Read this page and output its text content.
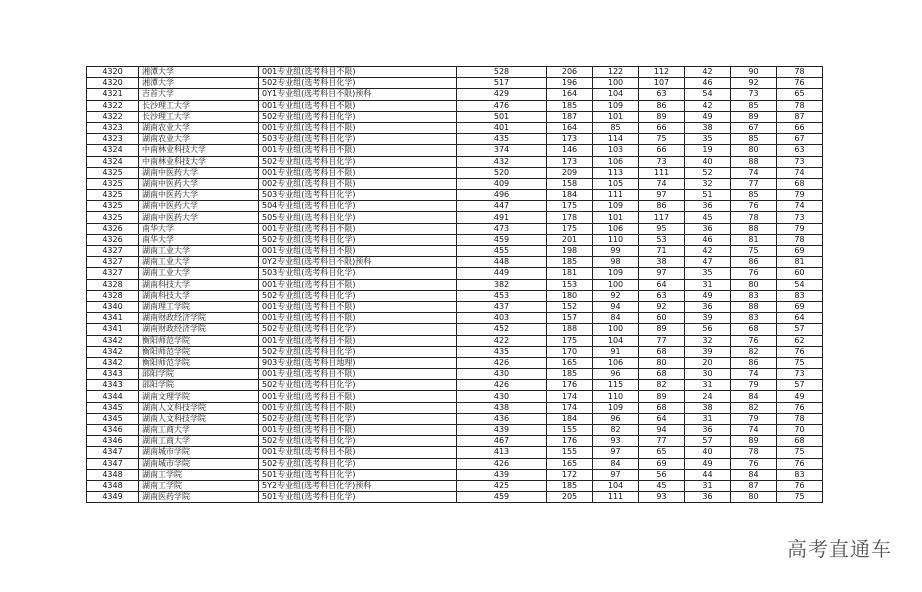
4320	湘潭大学	001专业组(选考科目不限)	528	206	122	112	42	90	78
4320	湘潭大学	502专业组(选考科目化学)	517	196	100	107	46	92	76
4321	吉首大学	0Y1专业组(选考科目不限)预科	429	164	104	63	54	73	65
4322	长沙理工大学	001专业组(选考科目不限)	476	185	109	86	42	85	78
4322	长沙理工大学	502专业组(选考科目化学)	501	187	101	89	49	89	87
4323	湖南农业大学	001专业组(选考科目不限)	401	164	85	66	38	67	66
4323	湖南农业大学	503专业组(选考科目化学)	435	173	114	75	35	85	67
4324	中南林业科技大学	001专业组(选考科目不限)	374	146	103	66	19	80	63
4324	中南林业科技大学	502专业组(选考科目化学)	432	173	106	73	40	88	73
4325	湖南中医药大学	001专业组(选考科目不限)	520	209	113	111	52	74	74
4325	湖南中医药大学	002专业组(选考科目不限)	409	158	105	74	32	77	68
4325	湖南中医药大学	503专业组(选考科目化学)	496	184	111	97	51	85	79
4325	湖南中医药大学	504专业组(选考科目化学)	447	175	109	86	36	76	74
4325	湖南中医药大学	505专业组(选考科目化学)	491	178	101	117	45	78	73
4326	南华大学	001专业组(选考科目不限)	473	175	106	95	36	88	79
4326	南华大学	502专业组(选考科目化学)	459	201	110	53	46	81	78
4327	湖南工业大学	001专业组(选考科目不限)	455	198	99	71	42	75	69
4327	湖南工业大学	0Y2专业组(选考科目不限)预科	448	185	98	38	47	86	81
4327	湖南工业大学	503专业组(选考科目化学)	449	181	109	97	35	76	60
4328	湖南科技大学	001专业组(选考科目不限)	382	153	100	64	31	80	54
4328	湖南科技大学	502专业组(选考科目化学)	453	180	92	63	49	83	83
4340	湖南理工学院	001专业组(选考科目不限)	437	152	94	92	36	88	69
4341	湖南财政经济学院	001专业组(选考科目不限)	403	157	84	60	39	83	64
4341	湖南财政经济学院	502专业组(选考科目化学)	452	188	100	89	56	68	57
4342	衡阳师范学院	001专业组(选考科目不限)	422	175	104	77	32	76	62
4342	衡阳师范学院	502专业组(选考科目化学)	435	170	91	68	39	82	76
4342	衡阳师范学院	903专业组(选考科目地理)	426	165	106	80	20	86	75
4343	邵阳学院	001专业组(选考科目不限)	430	185	96	68	30	74	73
4343	邵阳学院	502专业组(选考科目化学)	426	176	115	82	31	79	57
4344	湖南文理学院	001专业组(选考科目不限)	430	174	110	89	24	84	49
4345	湖南人文科技学院	001专业组(选考科目不限)	438	174	109	68	38	82	76
4345	湖南人文科技学院	502专业组(选考科目化学)	436	184	96	64	31	79	78
4346	湖南工商大学	001专业组(选考科目不限)	439	155	82	94	36	74	70
4346	湖南工商大学	502专业组(选考科目化学)	467	176	93	77	57	89	68
4347	湖南城市学院	001专业组(选考科目不限)	413	155	97	65	40	78	75
4347	湖南城市学院	502专业组(选考科目化学)	426	165	84	69	49	76	76
4348	湖南工学院	501专业组(选考科目化学)	439	172	97	56	44	84	83
4348	湖南工学院	5Y2专业组(选考科目化学)预科	425	185	104	45	31	87	76
4349	湖南医药学院	501专业组(选考科目化学)	459	205	111	93	36	80	75
高考直通车
